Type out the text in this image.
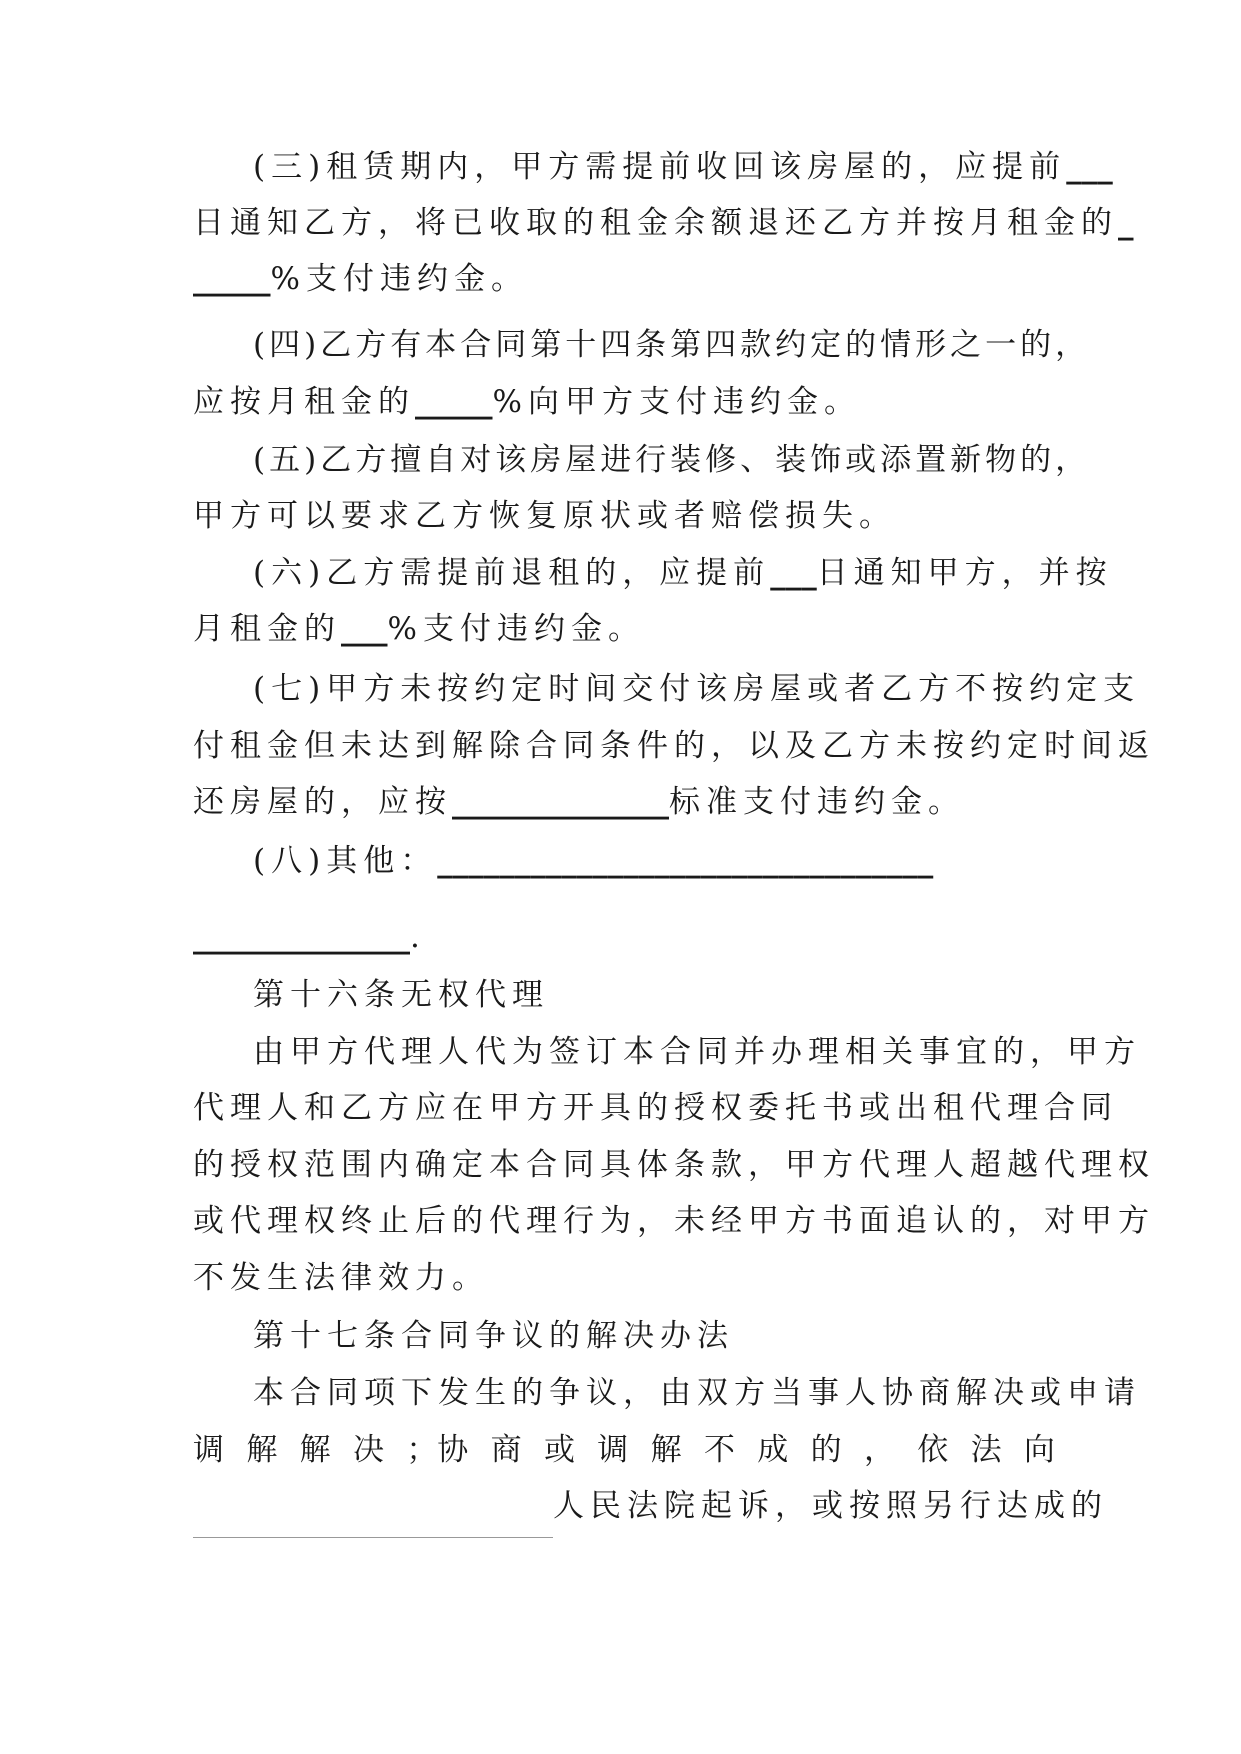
(三)租赁期内，甲方需提前收回该房屋的，应提前___
日通知乙方，将已收取的租金余额退还乙方并按月租金的_
_____%支付违约金。
(四)乙方有本合同第十四条第四款约定的情形之一的，
应按月租金的_____%向甲方支付违约金。
(五)乙方擅自对该房屋进行装修、装饰或添置新物的，
甲方可以要求乙方恢复原状或者赔偿损失。
(六)乙方需提前退租的，应提前___日通知甲方，并按
月租金的___%支付违约金。
(七)甲方未按约定时间交付该房屋或者乙方不按约定支
付租金但未达到解除合同条件的，以及乙方未按约定时间返
还房屋的，应按______________标准支付违约金。
(八)其他：________________________________
______________.
第十六条无权代理
由甲方代理人代为签订本合同并办理相关事宜的，甲方
代理人和乙方应在甲方开具的授权委托书或出租代理合同
的授权范围内确定本合同具体条款，甲方代理人超越代理权
或代理权终止后的代理行为，未经甲方书面追认的，对甲方
不发生法律效力。
第十七条合同争议的解决办法
本合同项下发生的争议，由双方当事人协商解决或申请
调 解 解 决 ；协 商 或 调 解 不 成 的 ， 依 法 向
人民法院起诉，或按照另行达成的
